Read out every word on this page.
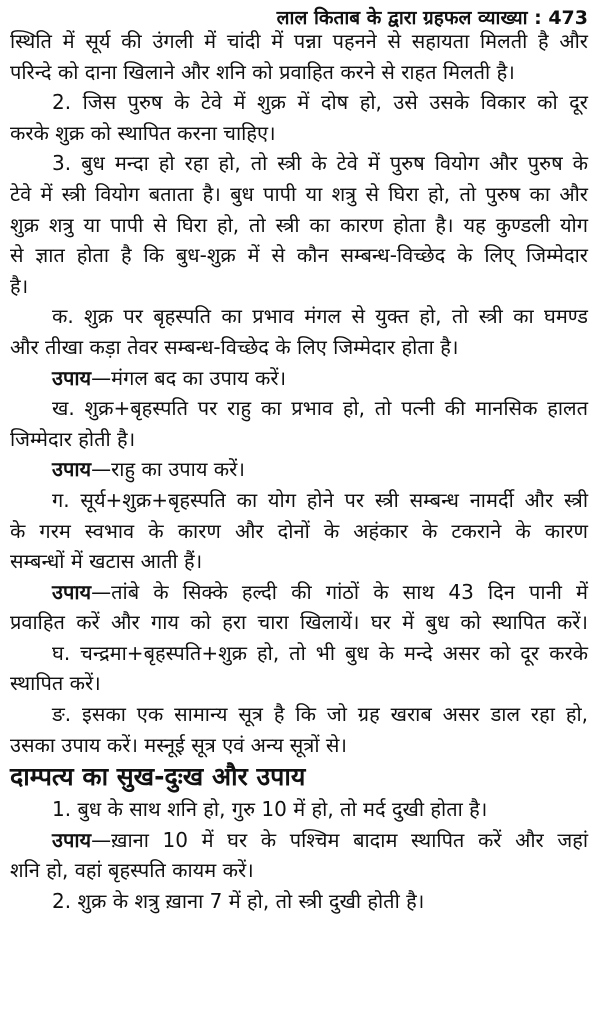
लाल किताब के द्वारा ग्रहफल व्याख्या : 473
स्थिति में सूर्य की उंगली में चांदी में पन्ना पहनने से सहायता मिलती है और
परिन्दे को दाना खिलाने और शनि को प्रवाहित करने से राहत मिलती है।
2. जिस पुरुष के टेवे में शुक्र में दोष हो, उसे उसके विकार को दूर
करके शुक्र को स्थापित करना चाहिए।
3. बुध मन्दा हो रहा हो, तो स्त्री के टेवे में पुरुष वियोग और पुरुष के
टेवे में स्त्री वियोग बताता है। बुध पापी या शत्रु से घिरा हो, तो पुरुष का और
शुक्र शत्रु या पापी से घिरा हो, तो स्त्री का कारण होता है। यह कुण्डली योग
से ज्ञात होता है कि बुध-शुक्र में से कौन सम्बन्ध-विच्छेद के लिए् जिम्मेदार
है।
क. शुक्र पर बृहस्पति का प्रभाव मंगल से युक्त हो, तो स्त्री का घमण्ड
और तीखा कड़ा तेवर सम्बन्ध-विच्छेद के लिए जिम्मेदार होता है।
उपाय—मंगल बद का उपाय करें।
ख. शुक्र+बृहस्पति पर राहु का प्रभाव हो, तो पत्नी की मानसिक हालत
जिम्मेदार होती है।
उपाय—राहु का उपाय करें।
ग. सूर्य+शुक्र+बृहस्पति का योग होने पर स्त्री सम्बन्ध नामर्दी और स्त्री
के गरम स्वभाव के कारण और दोनों के अहंकार के टकराने के कारण
सम्बन्धों में खटास आती हैं।
उपाय—तांबे के सिक्के हल्दी की गांठों के साथ 43 दिन पानी में
प्रवाहित करें और गाय को हरा चारा खिलायें। घर में बुध को स्थापित करें।
घ. चन्द्रमा+बृहस्पति+शुक्र हो, तो भी बुध के मन्दे असर को दूर करके
स्थापित करें।
ङ. इसका एक सामान्य सूत्र है कि जो ग्रह खराब असर डाल रहा हो,
उसका उपाय करें। मस्नूई सूत्र एवं अन्य सूत्रों से।
दाम्पत्य का सुख-दुःख और उपाय
1. बुध के साथ शनि हो, गुरु 10 में हो, तो मर्द दुखी होता है।
उपाय—ख़ाना 10 में घर के पश्चिम बादाम स्थापित करें और जहां
शनि हो, वहां बृहस्पति कायम करें।
2. शुक्र के शत्रु ख़ाना 7 में हो, तो स्त्री दुखी होती है।
